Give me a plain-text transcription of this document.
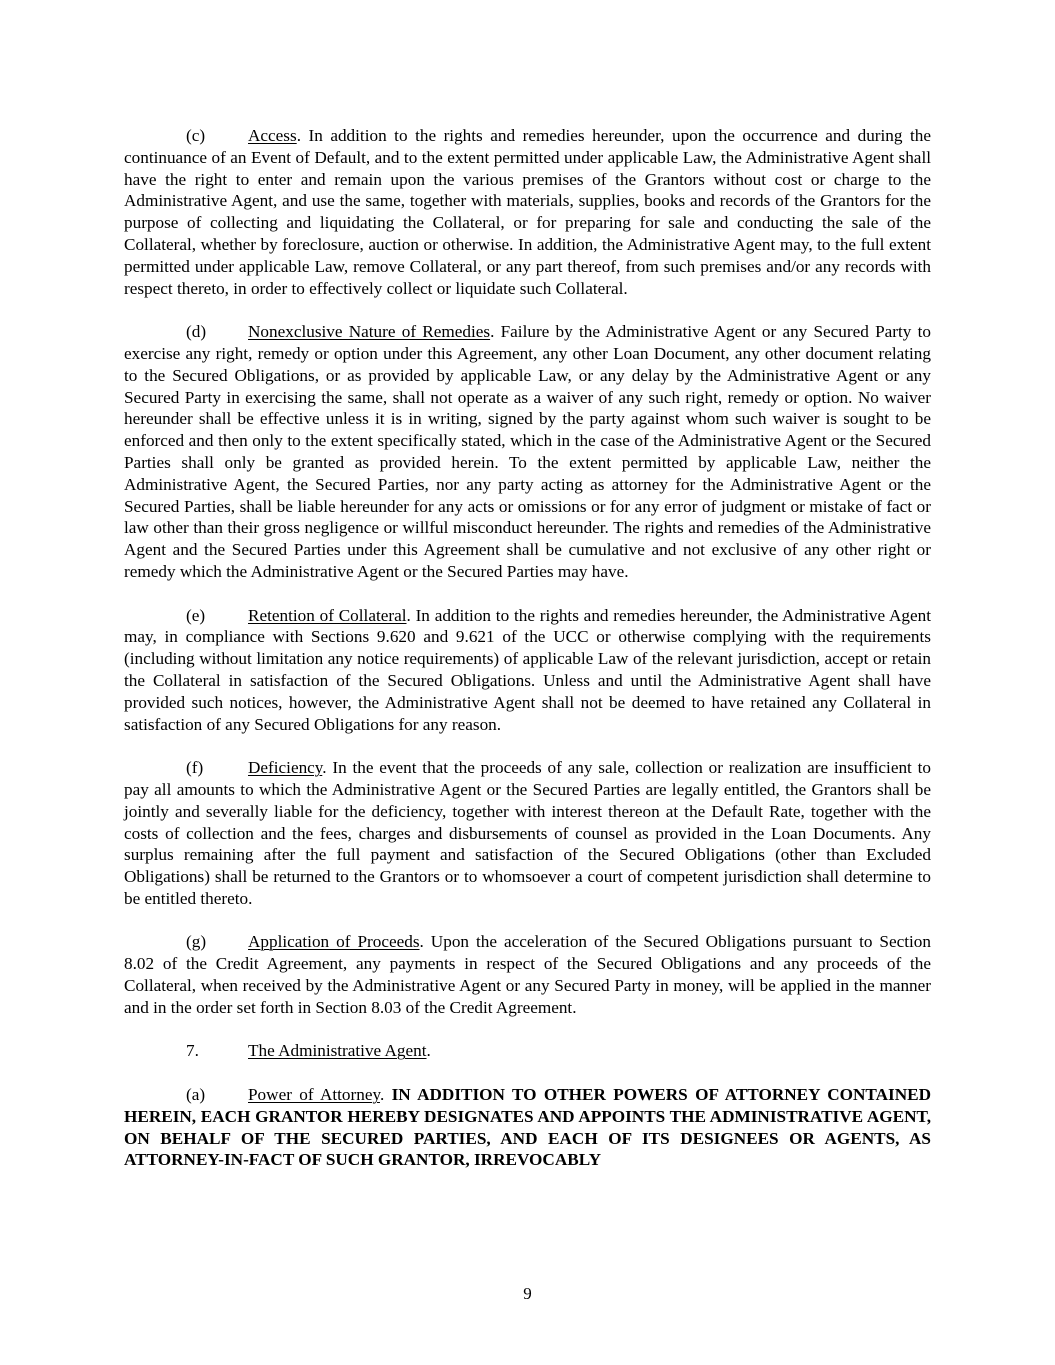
(c) Access. In addition to the rights and remedies hereunder, upon the occurrence and during the continuance of an Event of Default, and to the extent permitted under applicable Law, the Administrative Agent shall have the right to enter and remain upon the various premises of the Grantors without cost or charge to the Administrative Agent, and use the same, together with materials, supplies, books and records of the Grantors for the purpose of collecting and liquidating the Collateral, or for preparing for sale and conducting the sale of the Collateral, whether by foreclosure, auction or otherwise. In addition, the Administrative Agent may, to the full extent permitted under applicable Law, remove Collateral, or any part thereof, from such premises and/or any records with respect thereto, in order to effectively collect or liquidate such Collateral.

(d) Nonexclusive Nature of Remedies. Failure by the Administrative Agent or any Secured Party to exercise any right, remedy or option under this Agreement, any other Loan Document, any other document relating to the Secured Obligations, or as provided by applicable Law, or any delay by the Administrative Agent or any Secured Party in exercising the same, shall not operate as a waiver of any such right, remedy or option. No waiver hereunder shall be effective unless it is in writing, signed by the party against whom such waiver is sought to be enforced and then only to the extent specifically stated, which in the case of the Administrative Agent or the Secured Parties shall only be granted as provided herein. To the extent permitted by applicable Law, neither the Administrative Agent, the Secured Parties, nor any party acting as attorney for the Administrative Agent or the Secured Parties, shall be liable hereunder for any acts or omissions or for any error of judgment or mistake of fact or law other than their gross negligence or willful misconduct hereunder. The rights and remedies of the Administrative Agent and the Secured Parties under this Agreement shall be cumulative and not exclusive of any other right or remedy which the Administrative Agent or the Secured Parties may have.

(e) Retention of Collateral. In addition to the rights and remedies hereunder, the Administrative Agent may, in compliance with Sections 9.620 and 9.621 of the UCC or otherwise complying with the requirements (including without limitation any notice requirements) of applicable Law of the relevant jurisdiction, accept or retain the Collateral in satisfaction of the Secured Obligations. Unless and until the Administrative Agent shall have provided such notices, however, the Administrative Agent shall not be deemed to have retained any Collateral in satisfaction of any Secured Obligations for any reason.

(f)	Deficiency. In the event that the proceeds of any sale, collection or realization are insufficient to pay all amounts to which the Administrative Agent or the Secured Parties are legally entitled, the Grantors shall be jointly and severally liable for the deficiency, together with interest thereon at the Default Rate, together with the costs of collection and the fees, charges and disbursements of counsel as provided in the Loan Documents. Any surplus remaining after the full payment and satisfaction of the Secured Obligations (other than Excluded Obligations) shall be returned to the Grantors or to whomsoever a court of competent jurisdiction shall determine to be entitled thereto.

(g) Application of Proceeds. Upon the acceleration of the Secured Obligations pursuant to Section 8.02 of the Credit Agreement, any payments in respect of the Secured Obligations and any proceeds of the Collateral, when received by the Administrative Agent or any Secured Party in money, will be applied in the manner and in the order set forth in Section 8.03 of the Credit Agreement.

7.	The Administrative Agent.

(a) Power of Attorney. IN ADDITION TO OTHER POWERS OF ATTORNEY CONTAINED HEREIN, EACH GRANTOR HEREBY DESIGNATES AND APPOINTS THE ADMINISTRATIVE AGENT, ON BEHALF OF THE SECURED PARTIES, AND EACH OF ITS DESIGNEES OR AGENTS, AS ATTORNEY-IN-FACT OF SUCH GRANTOR, IRREVOCABLY

9
